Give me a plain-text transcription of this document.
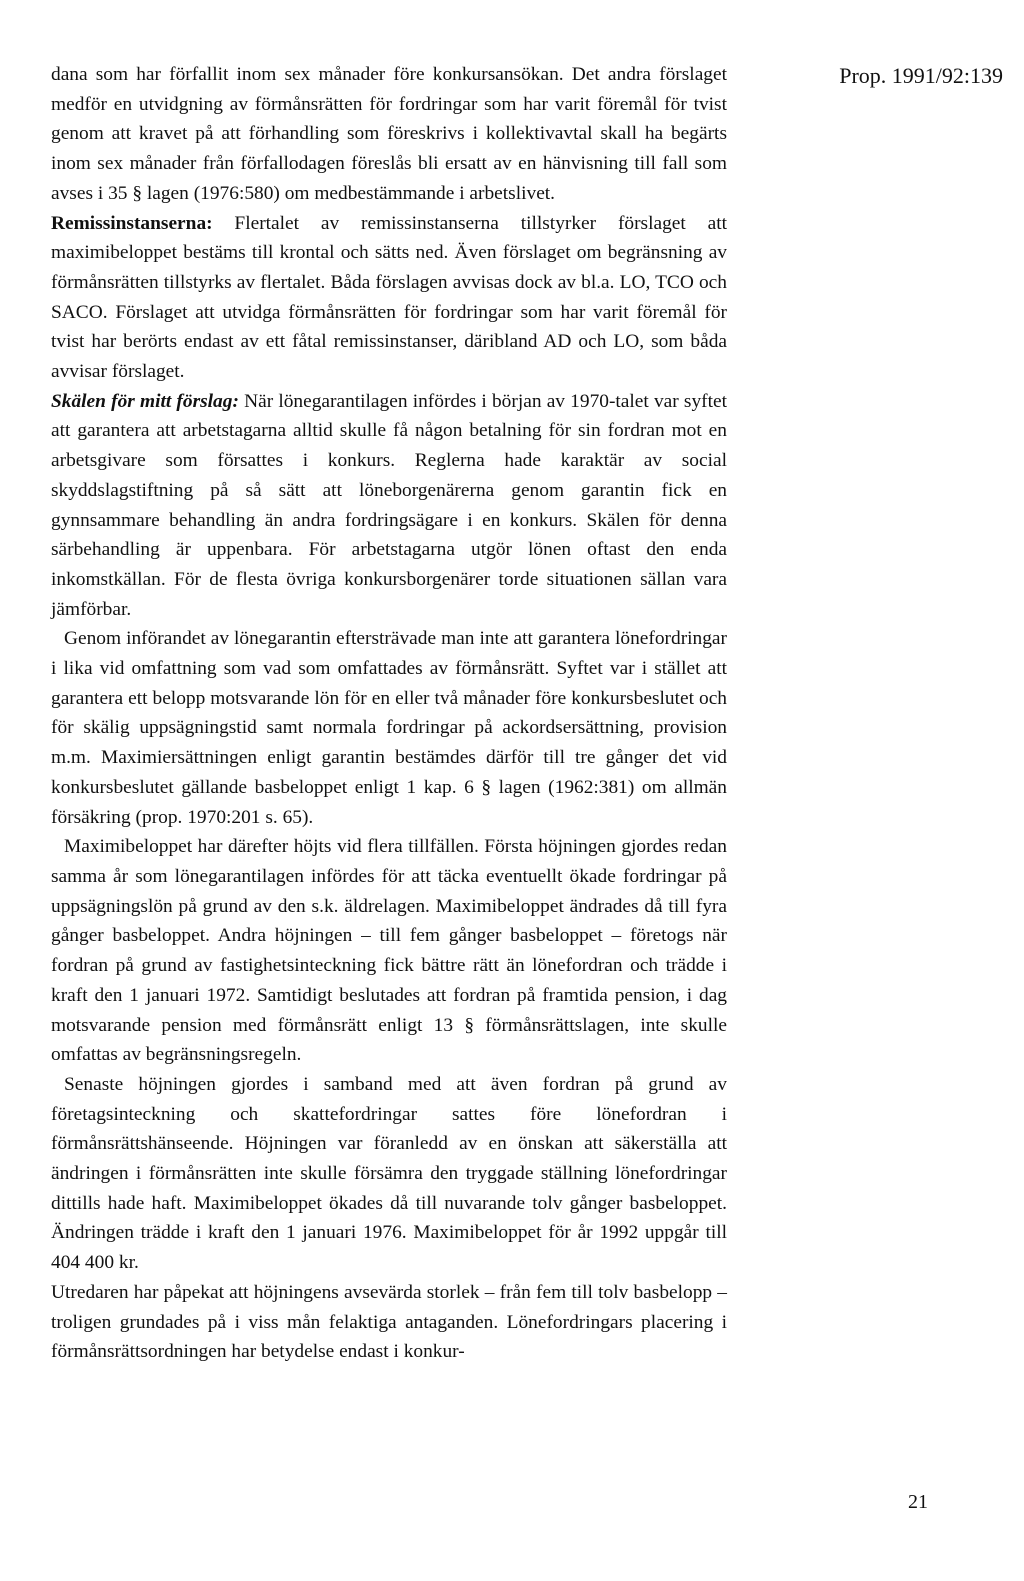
Prop. 1991/92:139

dana som har förfallit inom sex månader före konkursansökan. Det andra förslaget medför en utvidgning av förmånsrätten för fordringar som har varit föremål för tvist genom att kravet på att förhandling som föreskrivs i kollektivavtal skall ha begärts inom sex månader från förfallodagen föreslås bli ersatt av en hänvisning till fall som avses i 35 § lagen (1976:580) om medbestämmande i arbetslivet.

Remissinstanserna: Flertalet av remissinstanserna tillstyrker förslaget att maximibeloppet bestäms till krontal och sätts ned. Även förslaget om begränsning av förmånsrätten tillstyrks av flertalet. Båda förslagen avvisas dock av bl.a. LO, TCO och SACO. Förslaget att utvidga förmånsrätten för fordringar som har varit föremål för tvist har berörts endast av ett fåtal remissinstanser, däribland AD och LO, som båda avvisar förslaget.

Skälen för mitt förslag: När lönegarantilagen infördes i början av 1970-talet var syftet att garantera att arbetstagarna alltid skulle få någon betalning för sin fordran mot en arbetsgivare som försattes i konkurs. Reglerna hade karaktär av social skyddslagstiftning på så sätt att löneborgenärerna genom garantin fick en gynnsammare behandling än andra fordringsägare i en konkurs. Skälen för denna särbehandling är uppenbara. För arbetstagarna utgör lönen oftast den enda inkomstkällan. För de flesta övriga konkursborgenärer torde situationen sällan vara jämförbar.

Genom införandet av lönegarantin eftersträvade man inte att garantera lönefordringar i lika vid omfattning som vad som omfattades av förmånsrätt. Syftet var i stället att garantera ett belopp motsvarande lön för en eller två månader före konkursbeslutet och för skälig uppsägningstid samt normala fordringar på ackordsersättning, provision m.m. Maximiersättningen enligt garantin bestämdes därför till tre gånger det vid konkursbeslutet gällande basbeloppet enligt 1 kap. 6 § lagen (1962:381) om allmän försäkring (prop. 1970:201 s. 65).

Maximibeloppet har därefter höjts vid flera tillfällen. Första höjningen gjordes redan samma år som lönegarantilagen infördes för att täcka eventuellt ökade fordringar på uppsägningslön på grund av den s.k. äldrelagen. Maximibeloppet ändrades då till fyra gånger basbeloppet. Andra höjningen – till fem gånger basbeloppet – företogs när fordran på grund av fastighetsinteckning fick bättre rätt än lönefordran och trädde i kraft den 1 januari 1972. Samtidigt beslutades att fordran på framtida pension, i dag motsvarande pension med förmånsrätt enligt 13 § förmånsrättslagen, inte skulle omfattas av begränsningsregeln.

Senaste höjningen gjordes i samband med att även fordran på grund av företagsinteckning och skattefordringar sattes före lönefordran i förmånsrättshänseende. Höjningen var föranledd av en önskan att säkerställa att ändringen i förmånsrätten inte skulle försämra den tryggade ställning lönefordringar dittills hade haft. Maximibeloppet ökades då till nuvarande tolv gånger basbeloppet. Ändringen trädde i kraft den 1 januari 1976. Maximibeloppet för år 1992 uppgår till 404 400 kr.

Utredaren har påpekat att höjningens avsevärda storlek – från fem till tolv basbelopp – troligen grundades på i viss mån felaktiga antaganden. Lönefordringars placering i förmånsrättsordningen har betydelse endast i konkur-

21
